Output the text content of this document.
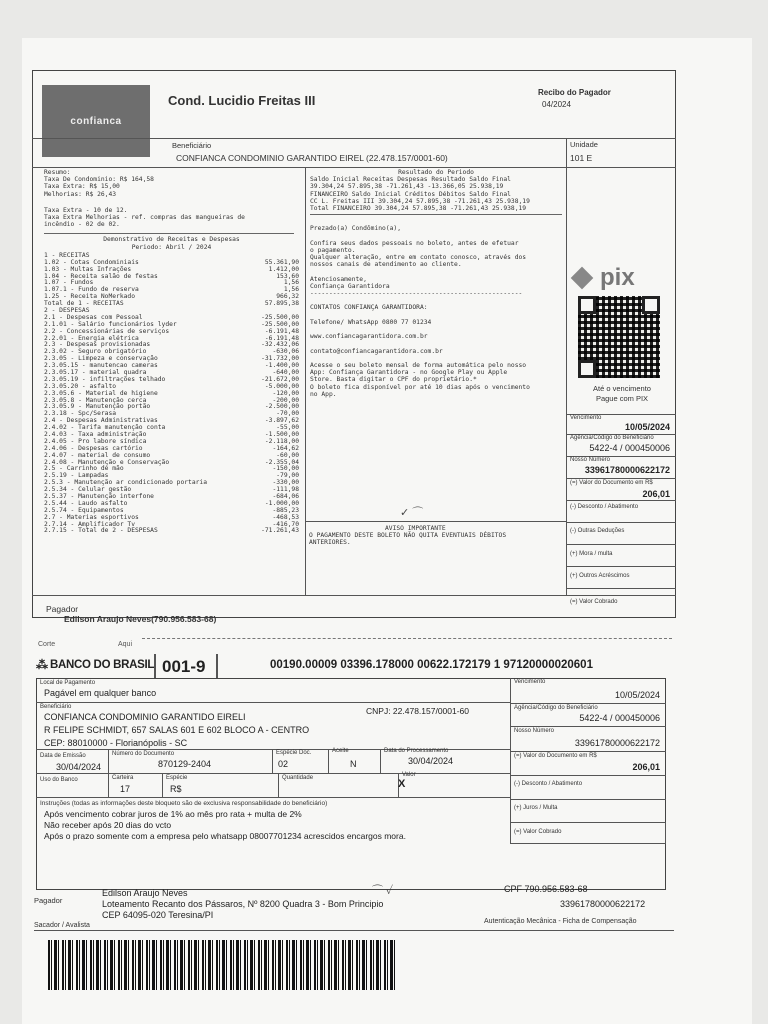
confianca
Cond. Lucidio Freitas III
Recibo do Pagador
04/2024
Beneficiário
CONFIANCA CONDOMINIO GARANTIDO EIREL (22.478.157/0001-60)
Unidade
101 E
Resumo:
Taxa De Condominio: R$ 164,58
Taxa Extra: R$ 15,00
Melhorias: R$ 26,43
Taxa Extra - 10 de 12.
Taxa Extra Melhorias - ref. compras das mangueiras de
incêndio - 02 de 02.
Demonstrativo de Receitas e Despesas
Periodo: Abril / 2024
1 - RECEITAS
1.02 - Cotas Condominiais	55.361,90
1.03 - Multas Infrações	1.412,00
1.04 - Receita salão de festas	153,60
1.07 - Fundos	1,56
1.07.1 - Fundo de reserva	1,56
1.25 - Receita NoMerkado	966,32
Total de 1 - RECEITAS	57.895,38
2 - DESPESAS
2.1 - Despesas com Pessoal	-25.500,00
2.1.01 - Salário funcionários lyder	-25.500,00
2.2 - Concessionárias de serviços	-6.191,48
2.2.01 - Energia elétrica	-6.191,48
2.3 - Despesas provisionadas	-32.432,06
2.3.02 - Seguro obrigatório	-630,06
2.3.05 - Limpeza e conservação	-31.732,00
2.3.05.15 - manutencao cameras	-1.400,00
2.3.05.17 - material quadra	-640,00
2.3.05.19 - infiltrações telhado	-21.672,00
2.3.05.20 - asfalto	-5.000,00
2.3.05.6 - Material de higiene	-120,00
2.3.05.8 - Manutenção cerca	-200,00
2.3.05.9 - Manutenção portão	-2.500,00
2.3.18 - Spc/Serasa	-70,00
2.4 - Despesas Administrativas	-3.897,62
2.4.02 - Tarifa manutenção conta	-55,00
2.4.03 - Taxa administração	-1.500,00
2.4.05 - Pro labore síndica	-2.118,00
2.4.06 - Despesas cartório	-164,62
2.4.07 - material de consumo	-60,00
2.4.08 - Manutenção e Conservação	-2.355,04
2.5 - Carrinho de mão	-150,00
2.5.19 - Lampadas	-79,00
2.5.3 - Manutenção ar condicionado portaria	-330,00
2.5.34 - Celular gestão	-111,98
2.5.37 - Manutenção interfone	-684,06
2.5.44 - Laudo asfalto	-1.000,00
2.5.74 - Equipamentos	-885,23
2.7 - Materias esportivos	-468,53
2.7.14 - Amplificador Tv	-416,70
2.7.15 - Total de 2 - DESPESAS	-71.261,43
Resultado do Periodo
Saldo Inicial Receitas Despesas Resultado Saldo Final
39.304,24 57.895,38 -71.261,43 -13.366,05 25.938,19
FINANCEIRO Saldo Inicial Créditos Débitos Saldo Final
CC L. Freitas III 39.304,24 57.895,38 -71.261,43 25.938,19
Total FINANCEIRO 39.304,24 57.895,38 -71.261,43 25.938,19
Prezado(a) Condômino(a),

Confira seus dados pessoais no boleto, antes de efetuar
o pagamento.
Qualquer alteração, entre em contato conosco, através dos
nossos canais de atendimento ao cliente.

Atenciosamente,
Confiança Garantidora
--------------------------------------------------------

CONTATOS CONFIANÇA GARANTIDORA:

Telefone/ WhatsApp 0800 77 01234

www.confiancagarantidora.com.br

contato@confiancagarantidora.com.br

Acesse o seu boleto mensal de forma automática pelo nosso
App: Confiança Garantidora - no Google Play ou Apple
Store. Basta digitar o CPF do proprietário.*
O boleto fica disponível por até 10 dias após o vencimento
no App.
✓ ⌒
AVISO IMPORTANTE
O PAGAMENTO DESTE BOLETO NÃO QUITA EVENTUAIS DÉBITOS
ANTERIORES.
pix
Até o vencimento
Pague com PIX
Vencimento
10/05/2024
Agência/Código do Beneficiário
5422-4 / 000450006
Nosso Número
33961780000622172
(=) Valor do Documento em R$
206,01
(-) Desconto / Abatimento
(-) Outras Deduções
(+) Mora / multa
(+) Outros Acréscimos
(=) Valor Cobrado
Pagador
Edilson Araujo Neves(790.956.583-68)
Corte	Aqui
⁂ BANCO DO BRASIL 001-9	00190.00009 03396.178000 00622.172179 1 97120000020601
Local de Pagamento
Pagável em qualquer banco
Beneficiário
CONFIANCA CONDOMINIO GARANTIDO EIRELI
CNPJ: 22.478.157/0001-60
R FELIPE SCHMIDT, 657 SALAS 601 E 602 BLOCO A - CENTRO
CEP: 88010000 - Florianópolis - SC
Data de Emissão
30/04/2024
Número do Documento
870129-2404
Espécie Doc.
02
Aceite
N
Data do Processamento
30/04/2024
Uso do Banco	Carteira
17
Espécie
R$
Quantidade	Valor
X
Instruções (todas as informações deste bloqueto são de exclusiva responsabilidade do beneficiário)
Após vencimento cobrar juros de 1% ao mês pro rata + multa de 2%
Não receber após 20 dias do vcto
Após o prazo somente com a empresa pelo whatsapp 08007701234 acrescidos encargos mora.
Vencimento
10/05/2024
Agência/Código do Beneficiário
5422-4 / 000450006
Nosso Número
33961780000622172
(=) Valor do Documento em R$
206,01
(-) Desconto / Abatimento
(+) Juros / Multa
(=) Valor Cobrado
Pagador
Edilson Araujo Neves
Loteamento Recanto dos Pássaros, Nº 8200 Quadra 3 - Bom Principio
CEP 64095-020 Teresina/PI
CPF 790.956.583-68
33961780000622172
⌒ ✓
Sacador / Avalista
Autenticação Mecânica - Ficha de Compensação
